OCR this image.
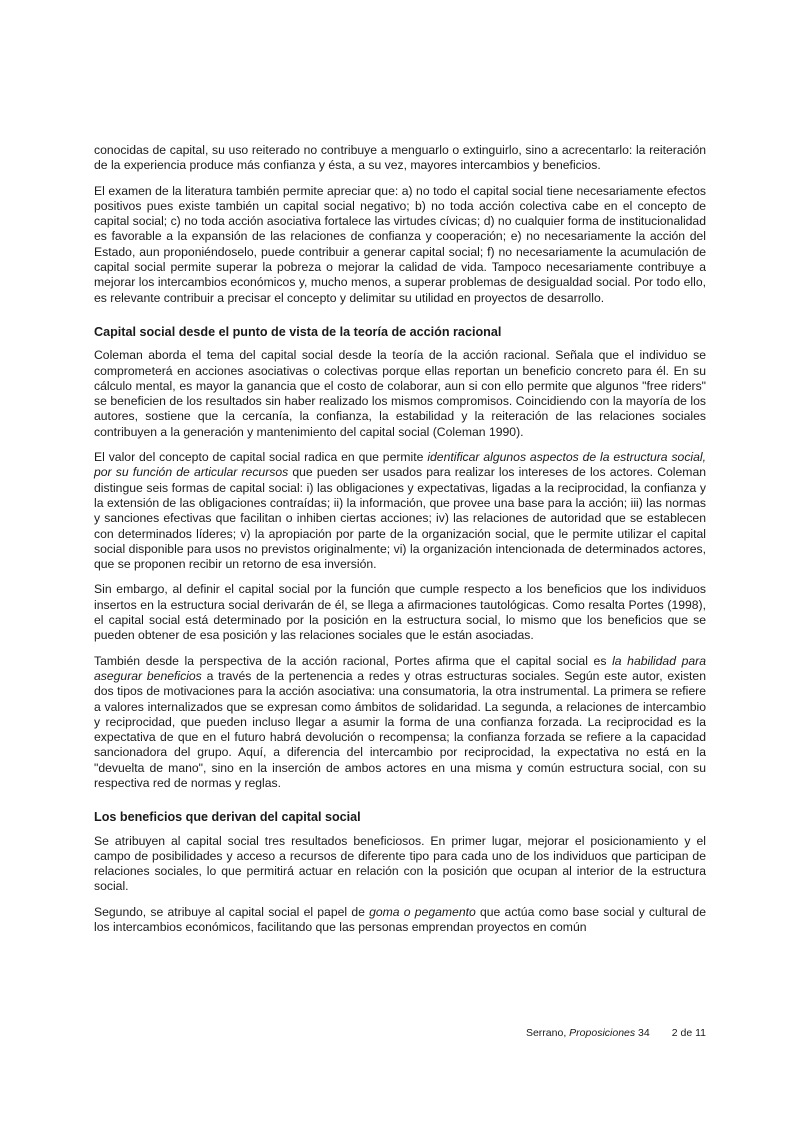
conocidas de capital, su uso reiterado no contribuye a menguarlo o extinguirlo, sino a acrecentarlo: la reiteración de la experiencia produce más confianza y ésta, a su vez, mayores intercambios y beneficios.

El examen de la literatura también permite apreciar que: a) no todo el capital social tiene necesariamente efectos positivos pues existe también un capital social negativo; b) no toda acción colectiva cabe en el concepto de capital social; c) no toda acción asociativa fortalece las virtudes cívicas; d) no cualquier forma de institucionalidad es favorable a la expansión de las relaciones de confianza y cooperación; e) no necesariamente la acción del Estado, aun proponiéndoselo, puede contribuir a generar capital social; f) no necesariamente la acumulación de capital social permite superar la pobreza o mejorar la calidad de vida. Tampoco necesariamente contribuye a mejorar los intercambios económicos y, mucho menos, a superar problemas de desigualdad social. Por todo ello, es relevante contribuir a precisar el concepto y delimitar su utilidad en proyectos de desarrollo.

Capital social desde el punto de vista de la teoría de acción racional

Coleman aborda el tema del capital social desde la teoría de la acción racional. Señala que el individuo se comprometerá en acciones asociativas o colectivas porque ellas reportan un beneficio concreto para él. En su cálculo mental, es mayor la ganancia que el costo de colaborar, aun si con ello permite que algunos "free riders" se beneficien de los resultados sin haber realizado los mismos compromisos. Coincidiendo con la mayoría de los autores, sostiene que la cercanía, la confianza, la estabilidad y la reiteración de las relaciones sociales contribuyen a la generación y mantenimiento del capital social (Coleman 1990).

El valor del concepto de capital social radica en que permite identificar algunos aspectos de la estructura social, por su función de articular recursos que pueden ser usados para realizar los intereses de los actores. Coleman distingue seis formas de capital social: i) las obligaciones y expectativas, ligadas a la reciprocidad, la confianza y la extensión de las obligaciones contraídas; ii) la información, que provee una base para la acción; iii) las normas y sanciones efectivas que facilitan o inhiben ciertas acciones; iv) las relaciones de autoridad que se establecen con determinados líderes; v) la apropiación por parte de la organización social, que le permite utilizar el capital social disponible para usos no previstos originalmente; vi) la organización intencionada de determinados actores, que se proponen recibir un retorno de esa inversión.

Sin embargo, al definir el capital social por la función que cumple respecto a los beneficios que los individuos insertos en la estructura social derivarán de él, se llega a afirmaciones tautológicas. Como resalta Portes (1998), el capital social está determinado por la posición en la estructura social, lo mismo que los beneficios que se pueden obtener de esa posición y las relaciones sociales que le están asociadas.

También desde la perspectiva de la acción racional, Portes afirma que el capital social es la habilidad para asegurar beneficios a través de la pertenencia a redes y otras estructuras sociales. Según este autor, existen dos tipos de motivaciones para la acción asociativa: una consumatoria, la otra instrumental. La primera se refiere a valores internalizados que se expresan como ámbitos de solidaridad. La segunda, a relaciones de intercambio y reciprocidad, que pueden incluso llegar a asumir la forma de una confianza forzada. La reciprocidad es la expectativa de que en el futuro habrá devolución o recompensa; la confianza forzada se refiere a la capacidad sancionadora del grupo. Aquí, a diferencia del intercambio por reciprocidad, la expectativa no está en la "devuelta de mano", sino en la inserción de ambos actores en una misma y común estructura social, con su respectiva red de normas y reglas.

Los beneficios que derivan del capital social

Se atribuyen al capital social tres resultados beneficiosos. En primer lugar, mejorar el posicionamiento y el campo de posibilidades y acceso a recursos de diferente tipo para cada uno de los individuos que participan de relaciones sociales, lo que permitirá actuar en relación con la posición que ocupan al interior de la estructura social.

Segundo, se atribuye al capital social el papel de goma o pegamento que actúa como base social y cultural de los intercambios económicos, facilitando que las personas emprendan proyectos en común

Serrano, Proposiciones 34 2 de 11
